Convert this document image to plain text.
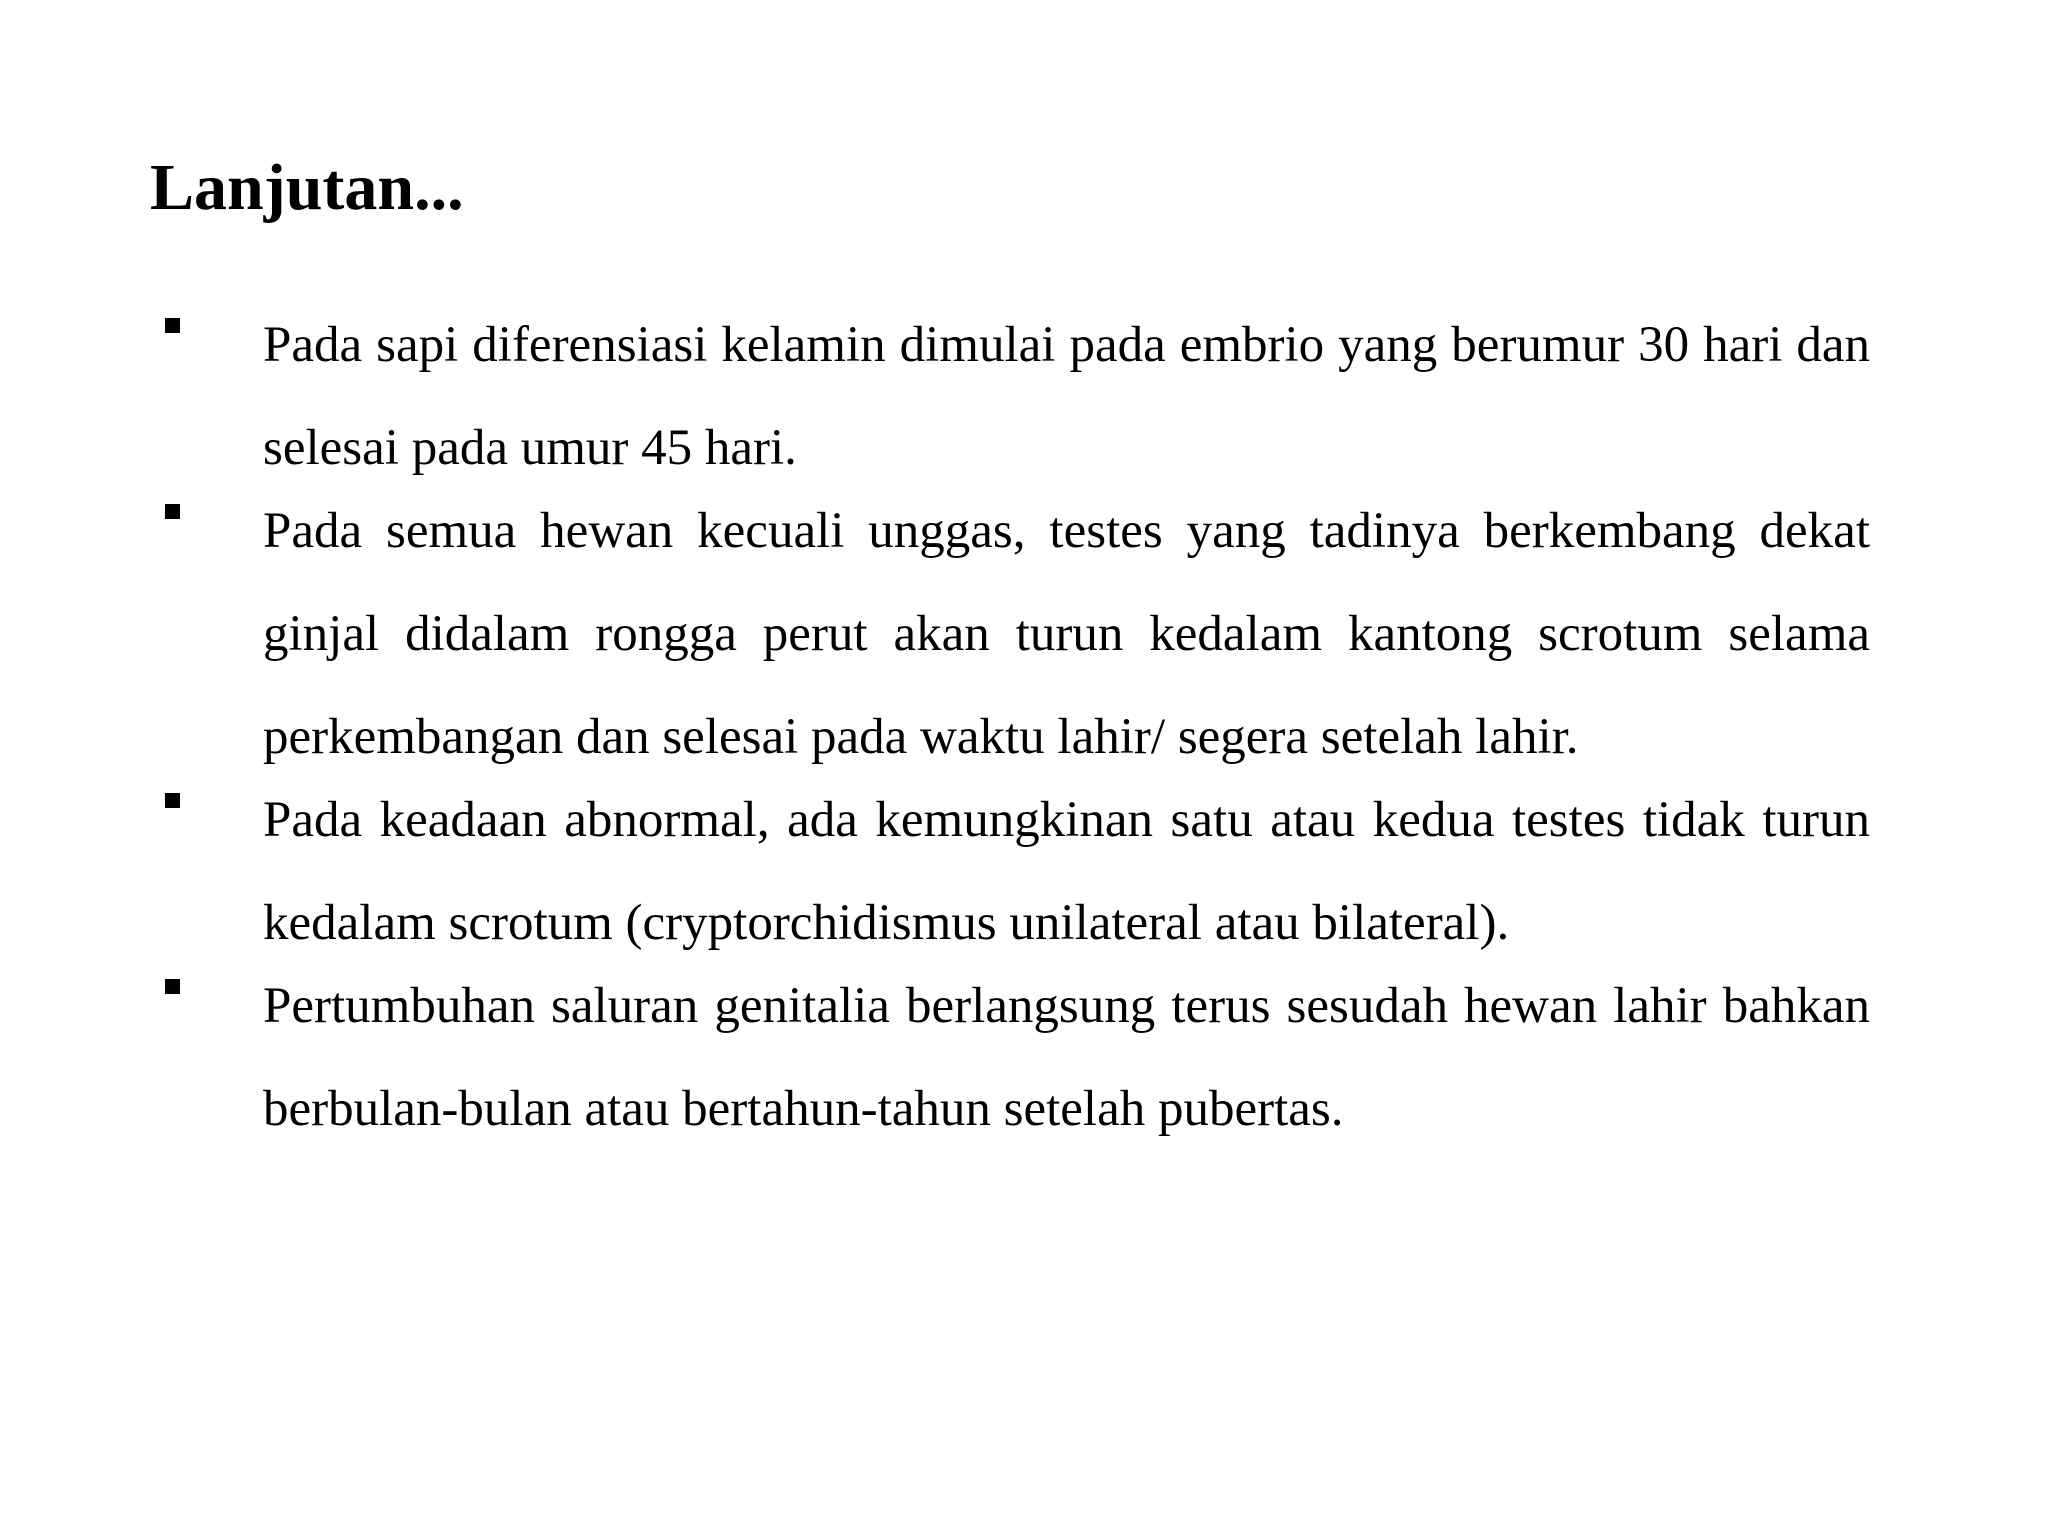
Lanjutan...
Pada sapi diferensiasi kelamin dimulai pada embrio yang berumur 30 hari dan selesai pada umur 45 hari.
Pada semua hewan kecuali unggas, testes yang tadinya berkembang dekat ginjal didalam rongga perut akan turun kedalam kantong scrotum selama perkembangan dan selesai pada waktu lahir/ segera setelah lahir.
Pada keadaan abnormal, ada kemungkinan satu atau kedua testes tidak turun kedalam scrotum (cryptorchidismus unilateral atau bilateral).
Pertumbuhan saluran genitalia berlangsung terus sesudah hewan lahir bahkan berbulan-bulan atau bertahun-tahun setelah pubertas.
